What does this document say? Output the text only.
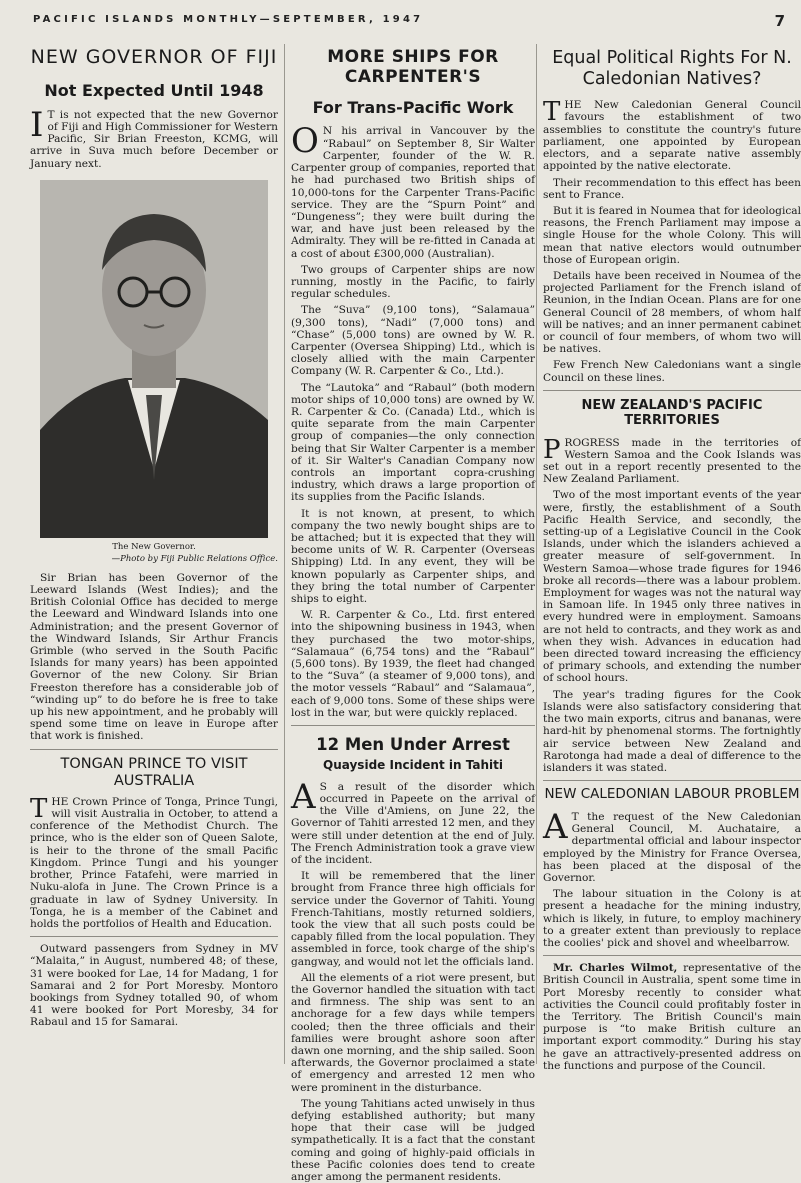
PACIFIC ISLANDS MONTHLY—SEPTEMBER, 1947	7
NEW GOVERNOR OF FIJI
Not Expected Until 1948

I T is not expected that the new Governor of Fiji and High Commissioner for Western Pacific, Sir Brian Freeston, KCMG, will arrive in Suva much before December or January next.

The New Governor.
—Photo by Fiji Public Relations Office.

Sir Brian has been Governor of the Leeward Islands (West Indies); and the British Colonial Office has decided to merge the Leeward and Windward Islands into one Administration; and the present Governor of the Windward Islands, Sir Arthur Francis Grimble (who served in the South Pacific Islands for many years) has been appointed Governor of the new Colony. Sir Brian Freeston therefore has a considerable job of “winding up” to do before he is free to take up his new appointment, and he probably will spend some time on leave in Europe after that work is finished.

TONGAN PRINCE TO VISIT AUSTRALIA

THE Crown Prince of Tonga, Prince Tungi, will visit Australia in October, to attend a conference of the Methodist Church. The prince, who is the elder son of Queen Salote, is heir to the throne of the small Pacific Kingdom. Prince Tungi and his younger brother, Prince Fatafehi, were married in Nuku-alofa in June. The Crown Prince is a graduate in law of Sydney University. In Tonga, he is a member of the Cabinet and holds the portfolios of Health and Education.

Outward passengers from Sydney in MV “Malaita,” in August, numbered 48; of these, 31 were booked for Lae, 14 for Madang, 1 for Samarai and 2 for Port Moresby. Montoro bookings from Sydney totalled 90, of whom 41 were booked for Port Moresby, 34 for Rabaul and 15 for Samarai.

MORE SHIPS FOR CARPENTER'S
For Trans-Pacific Work

O N his arrival in Vancouver by the “Rabaul” on September 8, Sir Walter Carpenter, founder of the W. R. Carpenter group of companies, reported that he had purchased two British ships of 10,000-tons for the Carpenter Trans-Pacific service. They are the “Spurn Point” and “Dungeness”; they were built during the war, and have just been released by the Admiralty. They will be re-fitted in Canada at a cost of about £300,000 (Australian).

Two groups of Carpenter ships are now running, mostly in the Pacific, to fairly regular schedules.

The “Suva” (9,100 tons), “Salamaua” (9,300 tons), “Nadi” (7,000 tons) and “Chase” (5,000 tons) are owned by W. R. Carpenter (Oversea Shipping) Ltd., which is closely allied with the main Carpenter Company (W. R. Carpenter & Co., Ltd.).

The “Lautoka” and “Rabaul” (both modern motor ships of 10,000 tons) are owned by W. R. Carpenter & Co. (Canada) Ltd., which is quite separate from the main Carpenter group of companies—the only connection being that Sir Walter Carpenter is a member of it. Sir Walter's Canadian Company now controls an important copra-crushing industry, which draws a large proportion of its supplies from the Pacific Islands.

It is not known, at present, to which company the two newly bought ships are to be attached; but it is expected that they will become units of W. R. Carpenter (Overseas Shipping) Ltd. In any event, they will be known popularly as Carpenter ships, and they bring the total number of Carpenter ships to eight.

W. R. Carpenter & Co., Ltd. first entered into the shipowning business in 1943, when they purchased the two motor-ships, “Salamaua” (6,754 tons) and the “Rabaul” (5,600 tons). By 1939, the fleet had changed to the “Suva” (a steamer of 9,000 tons), and the motor vessels “Rabaul” and “Salamaua”, each of 9,000 tons. Some of these ships were lost in the war, but were quickly replaced.

12 Men Under Arrest
Quayside Incident in Tahiti

A S a result of the disorder which occurred in Papeete on the arrival of the Ville d'Amiens, on June 22, the Governor of Tahiti arrested 12 men, and they were still under detention at the end of July. The French Administration took a grave view of the incident.

It will be remembered that the liner brought from France three high officials for service under the Governor of Tahiti. Young French-Tahitians, mostly returned soldiers, took the view that all such posts could be capably filled from the local population. They assembled in force, took charge of the ship's gangway, and would not let the officials land.

All the elements of a riot were present, but the Governor handled the situation with tact and firmness. The ship was sent to an anchorage for a few days while tempers cooled; then the three officials and their families were brought ashore soon after dawn one morning, and the ship sailed. Soon afterwards, the Governor proclaimed a state of emergency and arrested 12 men who were prominent in the disturbance.

The young Tahitians acted unwisely in thus defying established authority; but many hope that their case will be judged sympathetically. It is a fact that the constant coming and going of highly-paid officials in these Pacific colonies does tend to create anger among the permanent residents.

Equal Political Rights For N. Caledonian Natives?

THE New Caledonian General Council favours the establishment of two assemblies to constitute the country's future parliament, one appointed by European electors, and a separate native assembly appointed by the native electorate.

Their recommendation to this effect has been sent to France.

But it is feared in Noumea that for ideological reasons, the French Parliament may impose a single House for the whole Colony. This will mean that native electors would outnumber those of European origin.

Details have been received in Noumea of the projected Parliament for the French island of Reunion, in the Indian Ocean. Plans are for one General Council of 28 members, of whom half will be natives; and an inner permanent cabinet or council of four members, of whom two will be natives.

Few French New Caledonians want a single Council on these lines.

NEW ZEALAND'S PACIFIC TERRITORIES

PROGRESS made in the territories of Western Samoa and the Cook Islands was set out in a report recently presented to the New Zealand Parliament.

Two of the most important events of the year were, firstly, the establishment of a South Pacific Health Service, and secondly, the setting-up of a Legislative Council in the Cook Islands, under which the islanders achieved a greater measure of self-government. In Western Samoa—whose trade figures for 1946 broke all records—there was a labour problem. Employment for wages was not the natural way in Samoan life. In 1945 only three natives in every hundred were in employment. Samoans are not held to contracts, and they work as and when they wish. Advances in education had been directed toward increasing the efficiency of primary schools, and extending the number of school hours.

The year's trading figures for the Cook Islands were also satisfactory considering that the two main exports, citrus and bananas, were hard-hit by phenomenal storms. The fortnightly air service between New Zealand and Rarotonga had made a deal of difference to the islanders it was stated.

NEW CALEDONIAN LABOUR PROBLEM

A T the request of the New Caledonian General Council, M. Auchataire, a departmental official and labour inspector employed by the Ministry for France Oversea, has been placed at the disposal of the Governor.

The labour situation in the Colony is at present a headache for the mining industry, which is likely, in future, to employ machinery to a greater extent than previously to replace the coolies' pick and shovel and wheelbarrow.

Mr. Charles Wilmot, representative of the British Council in Australia, spent some time in Port Moresby recently to consider what activities the Council could profitably foster in the Territory. The British Council's main purpose is “to make British culture an important export commodity.” During his stay he gave an attractively-presented address on the functions and purpose of the Council.
